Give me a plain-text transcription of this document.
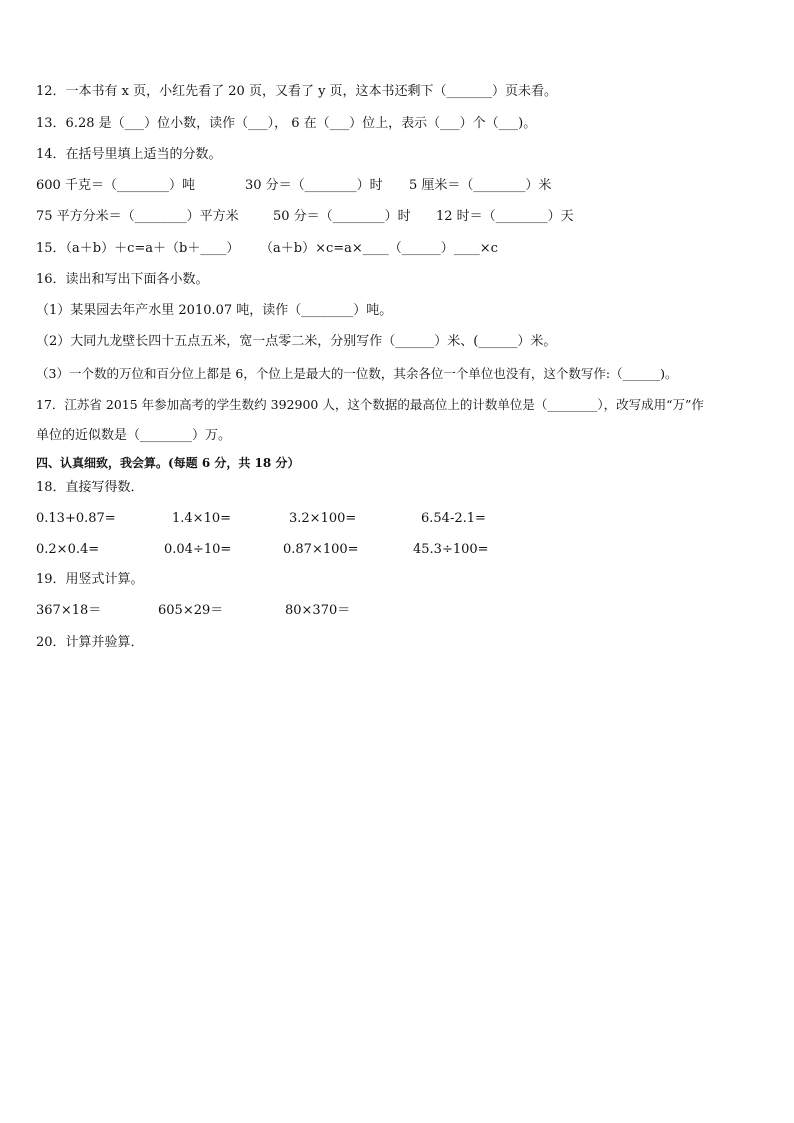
12．一本书有 x 页，小红先看了 20 页，又看了 y 页，这本书还剩下（_______）页未看。
13．6.28 是（___）位小数，读作（___）， 6 在（___）位上，表示（___）个（___)。
14．在括号里填上适当的分数。
600 千克＝（________）吨	30 分＝（________）时 5 厘米＝（________）米
75 平方分米＝（________）平方米	50 分＝（________）时 12 时＝（________）天
15．（a＋b）＋c=a＋（b＋____） （a＋b）×c=a×____（______）____×c
16．读出和写出下面各小数。
（1）某果园去年产水里 2010.07 吨，读作（________）吨。
（2）大同九龙壁长四十五点五米，宽一点零二米，分别写作（______）米、(______）米。
（3）一个数的万位和百分位上都是 6，个位上是最大的一位数，其余各位一个单位也没有，这个数写作:（______)。
17．江苏省 2015 年参加高考的学生数约 392900 人，这个数据的最高位上的计数单位是（________），改写成用“万”作
单位的近似数是（________）万。
四、认真细致，我会算。(每题 6 分，共 18 分）
18．直接写得数．
0.13+0.87=	1.4×10=	3.2×100=	6.54-2.1=
0.2×0.4=	0.04÷10=	0.87×100=	45.3÷100=
19．用竖式计算。
367×18＝	605×29＝	80×370＝
20．计算并验算．
